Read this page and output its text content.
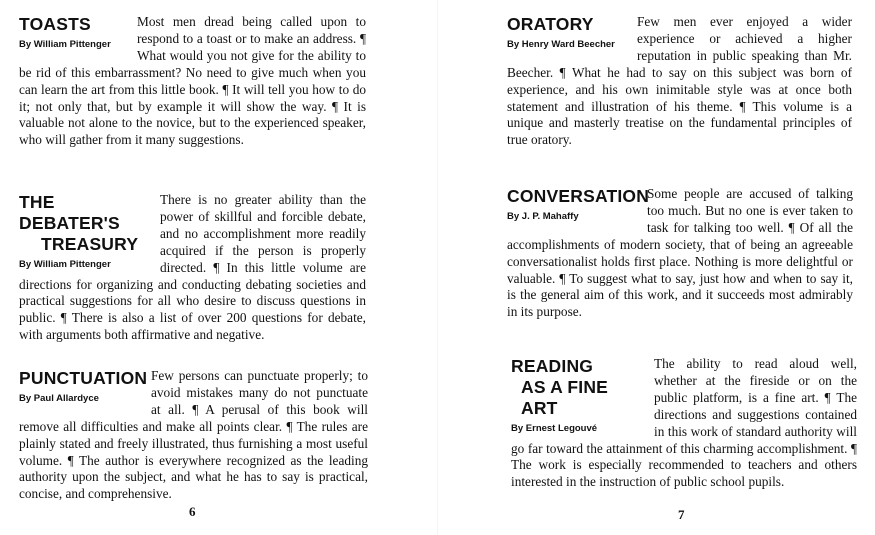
TOASTS
By William Pittenger

Most men dread being called upon to respond to a toast or to make an address. ¶ What would you not give for the ability to be rid of this embarrassment? No need to give much when you can learn the art from this little book. ¶ It will tell you how to do it; not only that, but by example it will show the way. ¶ It is valuable not alone to the novice, but to the experienced speaker, who will gather from it many suggestions.

THE DEBATER'S
TREASURY
By William Pittenger

There is no greater ability than the power of skillful and forcible debate, and no accomplishment more readily acquired if the person is properly directed. ¶ In this little volume are directions for organizing and conducting debating societies and practical suggestions for all who desire to discuss questions in public. ¶ There is also a list of over 200 questions for debate, with arguments both affirmative and negative.

PUNCTUATION
By Paul Allardyce

Few persons can punctuate properly; to avoid mistakes many do not punctuate at all. ¶ A perusal of this book will remove all difficulties and make all points clear. ¶ The rules are plainly stated and freely illustrated, thus furnishing a most useful volume. ¶ The author is everywhere recognized as the leading authority upon the subject, and what he has to say is practical, concise, and comprehensive.

6
ORATORY
By Henry Ward Beecher

Few men ever enjoyed a wider experience or achieved a higher reputation in public speaking than Mr. Beecher. ¶ What he had to say on this subject was born of experience, and his own inimitable style was at once both statement and illustration of his theme. ¶ This volume is a unique and masterly treatise on the fundamental principles of true oratory.

CONVERSATION
By J. P. Mahaffy

Some people are accused of talking too much. But no one is ever taken to task for talking too well. ¶ Of all the accomplishments of modern society, that of being an agreeable conversationalist holds first place. Nothing is more delightful or valuable. ¶ To suggest what to say, just how and when to say it, is the general aim of this work, and it succeeds most admirably in its purpose.

READING
AS A FINE ART
By Ernest Legouvé

The ability to read aloud well, whether at the fireside or on the public platform, is a fine art. ¶ The directions and suggestions contained in this work of standard authority will go far toward the attainment of this charming accomplishment. ¶ The work is especially recommended to teachers and others interested in the instruction of public school pupils.

7
